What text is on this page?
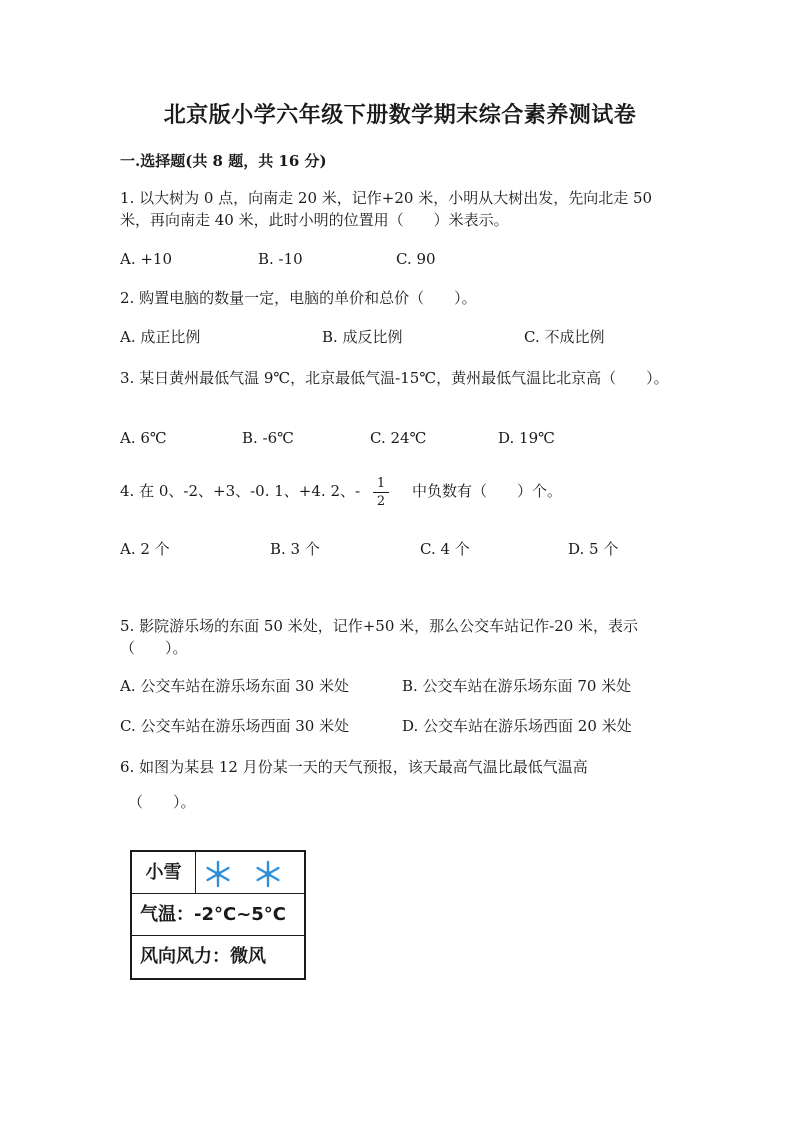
北京版小学六年级下册数学期末综合素养测试卷
一.选择题(共 8 题，共 16 分)
1. 以大树为 0 点，向南走 20 米，记作+20 米，小明从大树出发，先向北走 50 米，再向南走 40 米，此时小明的位置用（　　）米表示。
A. +10	B. -10	C. 90
2. 购置电脑的数量一定，电脑的单价和总价（　　）。
A. 成正比例	B. 成反比例	C. 不成比例
3. 某日黄州最低气温 9℃，北京最低气温-15℃，黄州最低气温比北京高（　　）。
A. 6℃	B. -6℃	C. 24℃	D. 19℃
4. 在 0、-2、+3、-0. 1、+4. 2、- 1
2
中负数有（　　）个。
A. 2 个	B. 3 个	C. 4 个	D. 5 个
5. 影院游乐场的东面 50 米处，记作+50 米，那么公交车站记作-20 米，表示（　　）。
A. 公交车站在游乐场东面 30 米处	B. 公交车站在游乐场东面 70 米处
C. 公交车站在游乐场西面 30 米处	D. 公交车站在游乐场西面 20 米处
6. 如图为某县 12 月份某一天的天气预报，该天最高气温比最低气温高
（　　）。
小雪
气温：-2°C~5°C
风向风力：微风
